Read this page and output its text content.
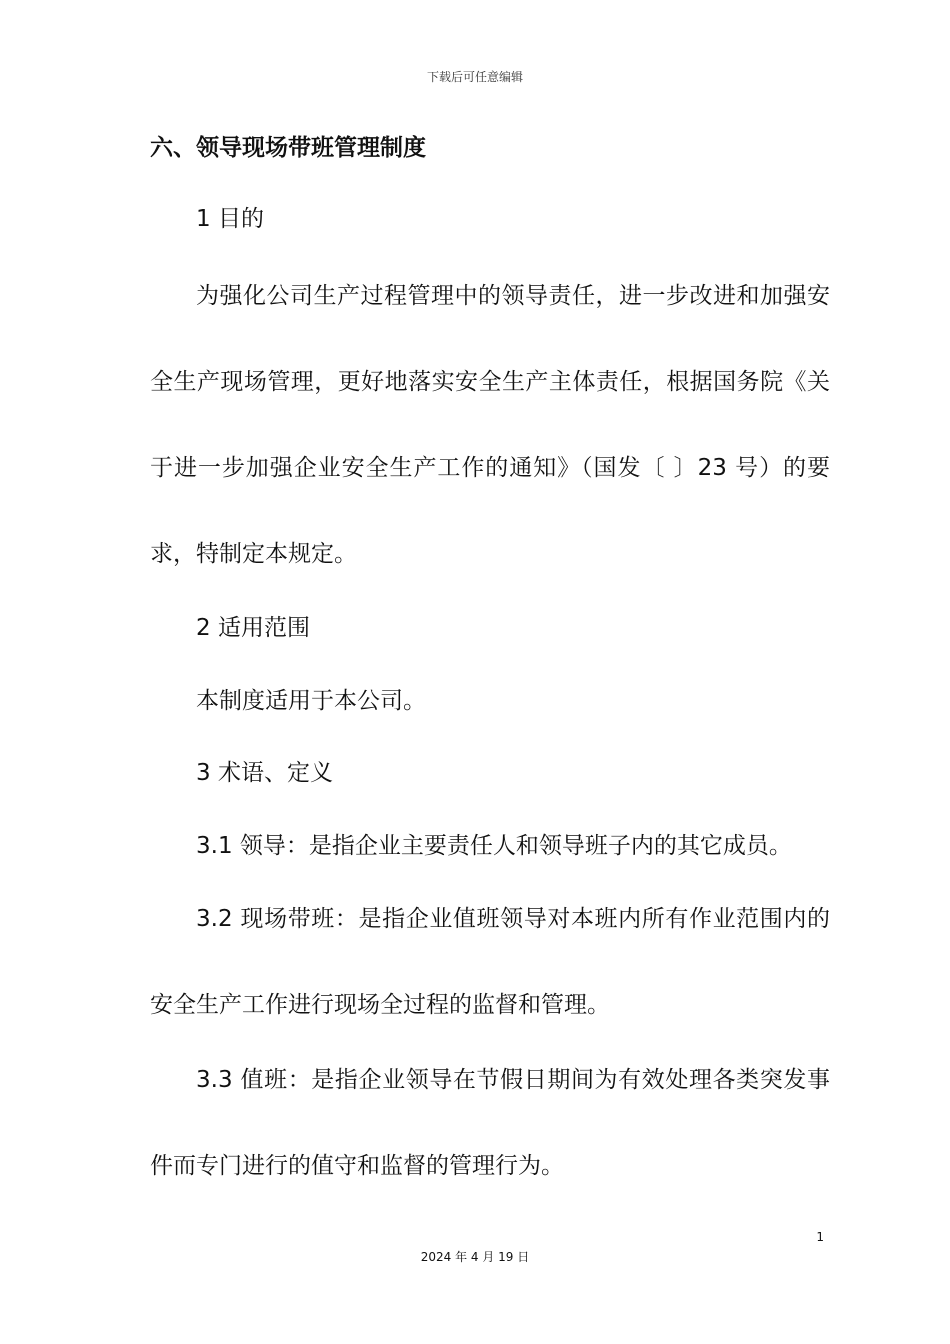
下载后可任意编辑
六、领导现场带班管理制度
1 目的
为强化公司生产过程管理中的领导责任，进一步改进和加强安
全生产现场管理，更好地落实安全生产主体责任，根据国务院《关
于进一步加强企业安全生产工作的通知》（国发〔 〕23 号）的要
求，特制定本规定。
2 适用范围
本制度适用于本公司。
3 术语、定义
3.1 领导：是指企业主要责任人和领导班子内的其它成员。
3.2 现场带班：是指企业值班领导对本班内所有作业范围内的
安全生产工作进行现场全过程的监督和管理。
3.3 值班：是指企业领导在节假日期间为有效处理各类突发事
件而专门进行的值守和监督的管理行为。
1
2024 年 4 月 19 日
